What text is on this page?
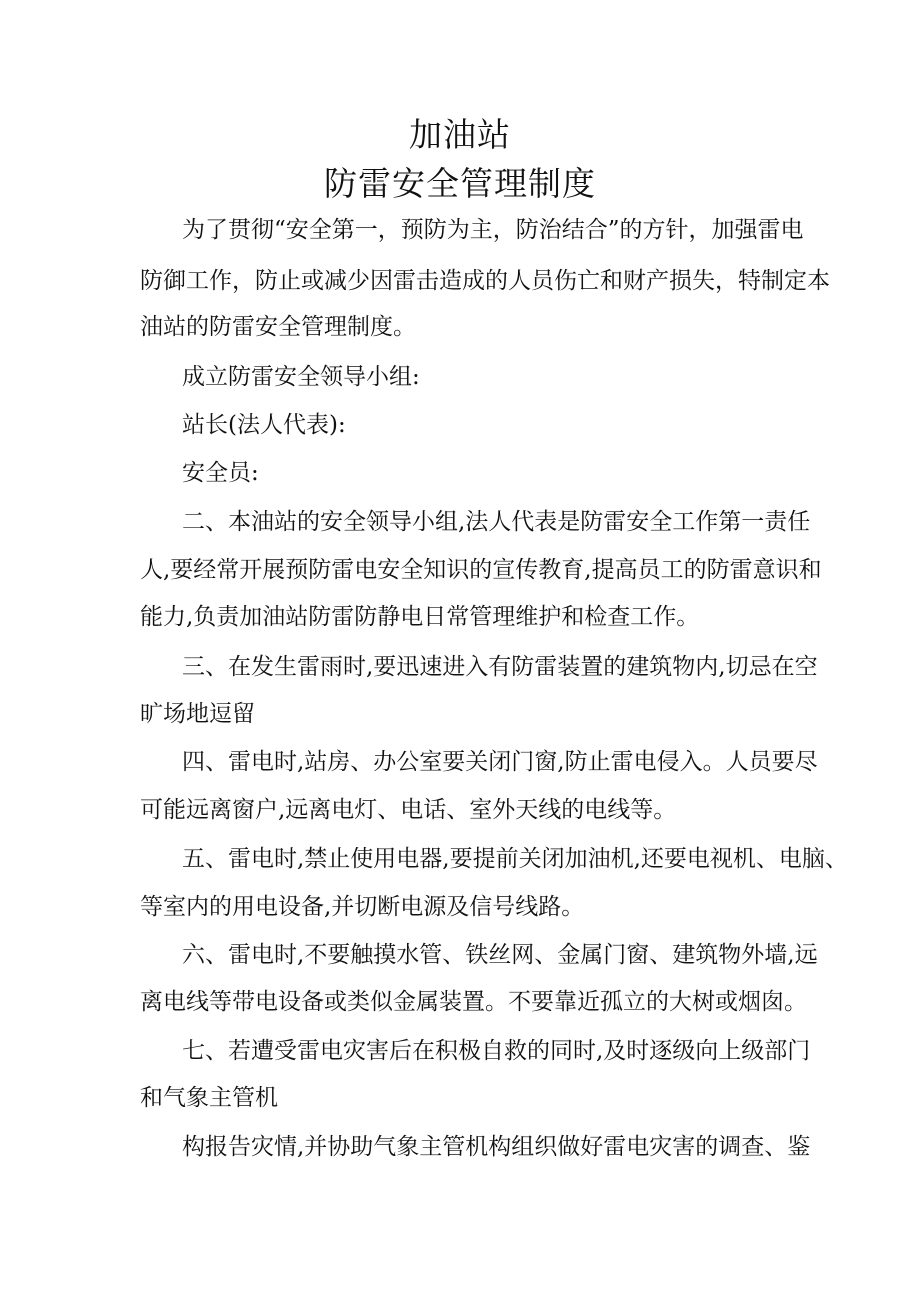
加油站
防雷安全管理制度
为了贯彻“安全第一，预防为主，防治结合”的方针，加强雷电
防御工作，防止或减少因雷击造成的人员伤亡和财产损失，特制定本
油站的防雷安全管理制度。
成立防雷安全领导小组:
站长(法人代表):
安全员:
二、本油站的安全领导小组,法人代表是防雷安全工作第一责任
人,要经常开展预防雷电安全知识的宣传教育,提高员工的防雷意识和
能力,负责加油站防雷防静电日常管理维护和检查工作。
三、在发生雷雨时,要迅速进入有防雷装置的建筑物内,切忌在空
旷场地逗留
四、雷电时,站房、办公室要关闭门窗,防止雷电侵入。人员要尽
可能远离窗户,远离电灯、电话、室外天线的电线等。
五、雷电时,禁止使用电器,要提前关闭加油机,还要电视机、电脑、
等室内的用电设备,并切断电源及信号线路。
六、雷电时,不要触摸水管、铁丝网、金属门窗、建筑物外墙,远
离电线等带电设备或类似金属装置。不要靠近孤立的大树或烟囱。
七、若遭受雷电灾害后在积极自救的同时,及时逐级向上级部门
和气象主管机
构报告灾情,并协助气象主管机构组织做好雷电灾害的调查、鉴
